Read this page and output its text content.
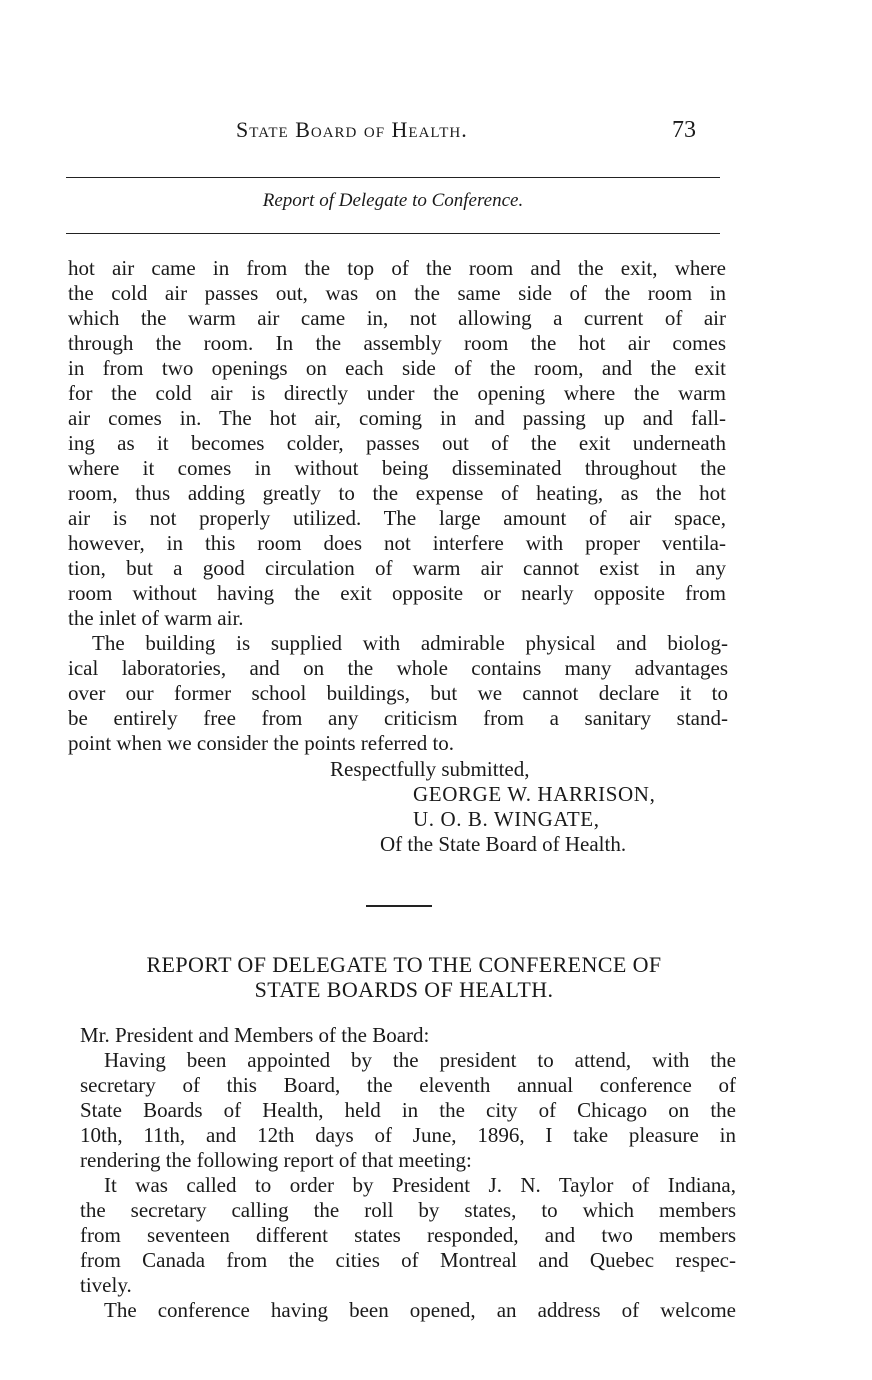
State Board of Health.	73
Report of Delegate to Conference.
hot air came in from the top of the room and the exit, where
the cold air passes out, was on the same side of the room in
which the warm air came in, not allowing a current of air
through the room. In the assembly room the hot air comes
in from two openings on each side of the room, and the exit
for the cold air is directly under the opening where the warm
air comes in. The hot air, coming in and passing up and fall-
ing as it becomes colder, passes out of the exit underneath
where it comes in without being disseminated throughout the
room, thus adding greatly to the expense of heating, as the hot
air is not properly utilized. The large amount of air space,
however, in this room does not interfere with proper ventila-
tion, but a good circulation of warm air cannot exist in any
room without having the exit opposite or nearly opposite from
the inlet of warm air.
The building is supplied with admirable physical and biolog-
ical laboratories, and on the whole contains many advantages
over our former school buildings, but we cannot declare it to
be entirely free from any criticism from a sanitary stand-
point when we consider the points referred to.
Respectfully submitted,
GEORGE W. HARRISON,
U. O. B. WINGATE,
Of the State Board of Health.
REPORT OF DELEGATE TO THE CONFERENCE OF
STATE BOARDS OF HEALTH.
Mr. President and Members of the Board:
Having been appointed by the president to attend, with the
secretary of this Board, the eleventh annual conference of
State Boards of Health, held in the city of Chicago on the
10th, 11th, and 12th days of June, 1896, I take pleasure in
rendering the following report of that meeting:
It was called to order by President J. N. Taylor of Indiana,
the secretary calling the roll by states, to which members
from seventeen different states responded, and two members
from Canada from the cities of Montreal and Quebec respec-
tively.
The conference having been opened, an address of welcome
